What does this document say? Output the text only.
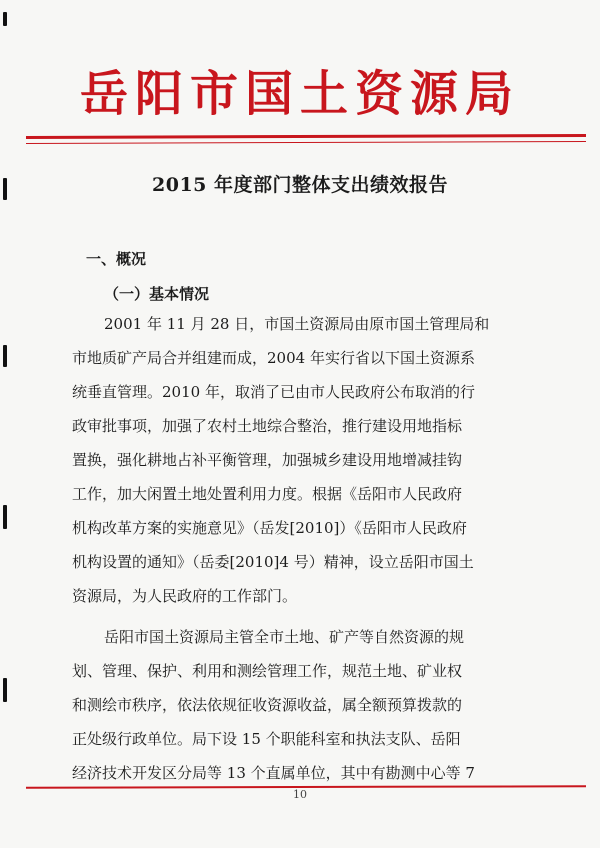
岳阳市国土资源局
2015 年度部门整体支出绩效报告
一、概况
（一）基本情况
2001 年 11 月 28 日，市国土资源局由原市国土管理局和
市地质矿产局合并组建而成，2004 年实行省以下国土资源系
统垂直管理。2010 年，取消了已由市人民政府公布取消的行
政审批事项，加强了农村土地综合整治，推行建设用地指标
置换，强化耕地占补平衡管理，加强城乡建设用地增减挂钩
工作，加大闲置土地处置利用力度。根据《岳阳市人民政府
机构改革方案的实施意见》（岳发[2010]）《岳阳市人民政府
机构设置的通知》（岳委[2010]4 号）精神，设立岳阳市国土
资源局，为人民政府的工作部门。
岳阳市国土资源局主管全市土地、矿产等自然资源的规
划、管理、保护、利用和测绘管理工作，规范土地、矿业权
和测绘市秩序，依法依规征收资源收益，属全额预算拨款的
正处级行政单位。局下设 15 个职能科室和执法支队、岳阳
经济技术开发区分局等 13 个直属单位，其中有勘测中心等 7
10
